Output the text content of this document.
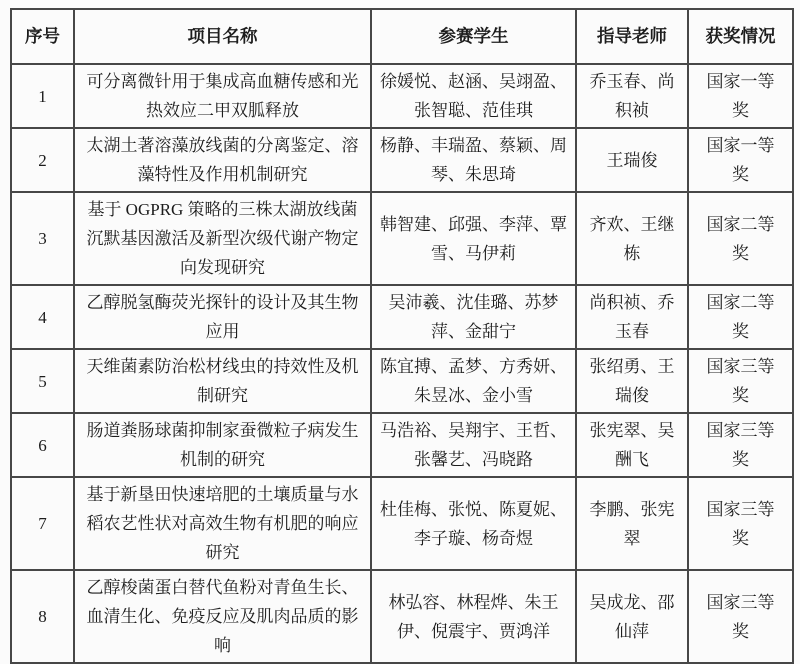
序号	项目名称	参赛学生	指导老师	获奖情况
1	可分离微针用于集成高血糖传感和光热效应二甲双胍释放	徐媛悦、赵涵、吴翊盈、张智聪、范佳琪	乔玉春、尚积祯	国家一等奖
2	太湖土著溶藻放线菌的分离鉴定、溶藻特性及作用机制研究	杨静、丰瑞盈、蔡颖、周琴、朱思琦	王瑞俊	国家一等奖
3	基于 OGPRG 策略的三株太湖放线菌沉默基因激活及新型次级代谢产物定向发现研究	韩智建、邱强、李萍、覃雪、马伊莉	齐欢、王继栋	国家二等奖
4	乙醇脱氢酶荧光探针的设计及其生物应用	吴沛羲、沈佳璐、苏梦萍、金甜宁	尚积祯、乔玉春	国家二等奖
5	天维菌素防治松材线虫的持效性及机制研究	陈宜搏、孟梦、方秀妍、朱昱冰、金小雪	张绍勇、王瑞俊	国家三等奖
6	肠道粪肠球菌抑制家蚕微粒子病发生机制的研究	马浩裕、吴翔宇、王哲、张馨艺、冯晓路	张宪翠、吴酬飞	国家三等奖
7	基于新垦田快速培肥的土壤质量与水稻农艺性状对高效生物有机肥的响应研究	杜佳梅、张悦、陈夏妮、李子璇、杨奇煜	李鹏、张宪翠	国家三等奖
8	乙醇梭菌蛋白替代鱼粉对青鱼生长、血清生化、免疫反应及肌肉品质的影响	林弘容、林程烨、朱王伊、倪震宇、贾鸿洋	吴成龙、邵仙萍	国家三等奖
